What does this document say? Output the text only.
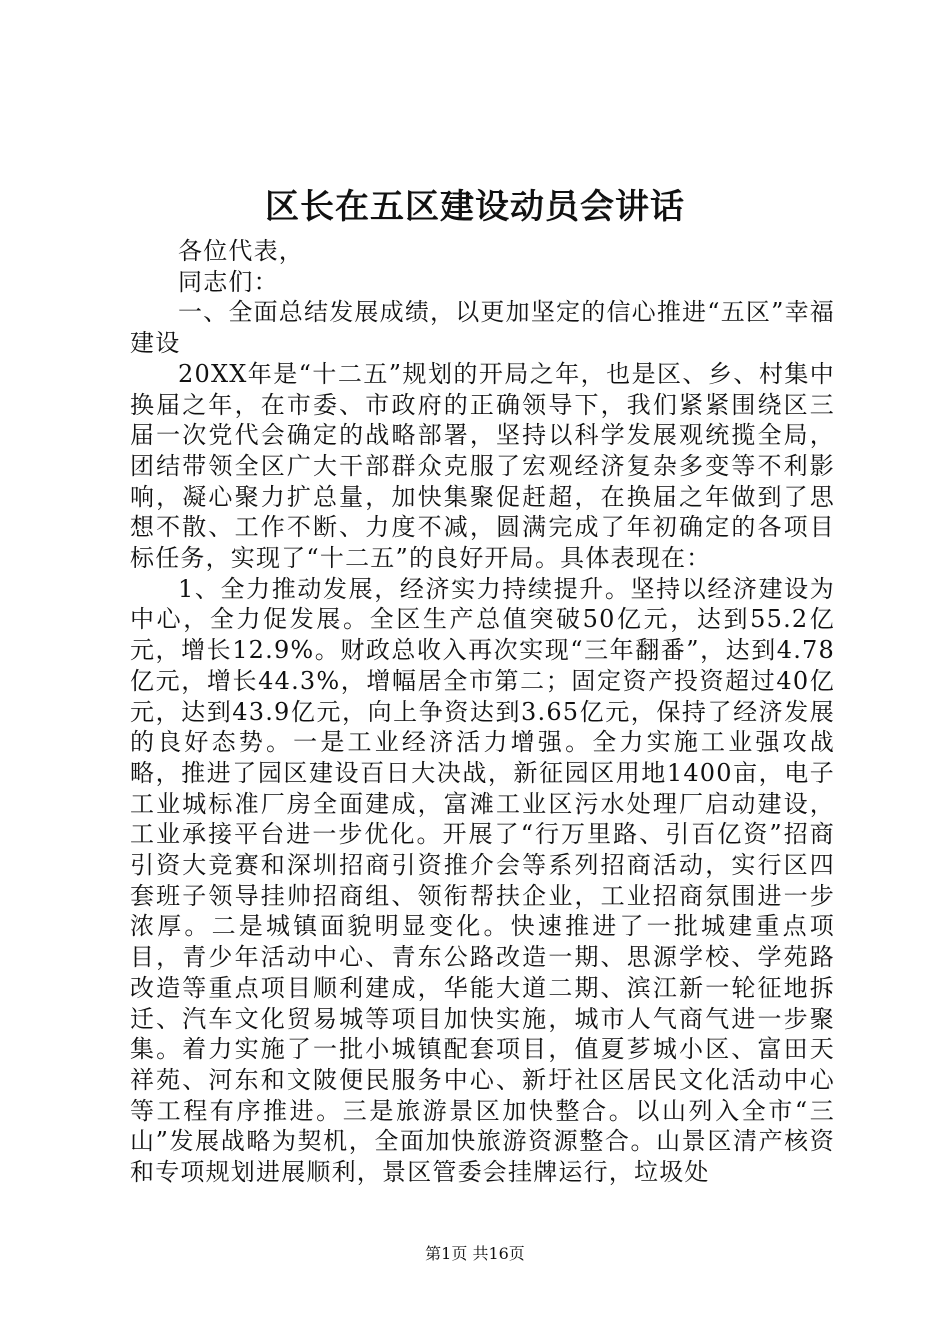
区长在五区建设动员会讲话

各位代表，

同志们：

一、全面总结发展成绩，以更加坚定的信心推进“五区”幸福建设

20XX年是“十二五”规划的开局之年，也是区、乡、村集中换届之年，在市委、市政府的正确领导下，我们紧紧围绕区三届一次党代会确定的战略部署，坚持以科学发展观统揽全局，团结带领全区广大干部群众克服了宏观经济复杂多变等不利影响，凝心聚力扩总量，加快集聚促赶超，在换届之年做到了思想不散、工作不断、力度不减，圆满完成了年初确定的各项目标任务，实现了“十二五”的良好开局。具体表现在：

1、全力推动发展，经济实力持续提升。坚持以经济建设为中心，全力促发展。全区生产总值突破50亿元，达到55.2亿元，增长12.9%。财政总收入再次实现“三年翻番”，达到4.78亿元，增长44.3%，增幅居全市第二；固定资产投资超过40亿元，达到43.9亿元，向上争资达到3.65亿元，保持了经济发展的良好态势。一是工业经济活力增强。全力实施工业强攻战略，推进了园区建设百日大决战，新征园区用地1400亩，电子工业城标准厂房全面建成，富滩工业区污水处理厂启动建设，工业承接平台进一步优化。开展了“行万里路、引百亿资”招商引资大竞赛和深圳招商引资推介会等系列招商活动，实行区四套班子领导挂帅招商组、领衔帮扶企业，工业招商氛围进一步浓厚。二是城镇面貌明显变化。快速推进了一批城建重点项目，青少年活动中心、青东公路改造一期、思源学校、学苑路改造等重点项目顺利建成，华能大道二期、滨江新一轮征地拆迁、汽车文化贸易城等项目加快实施，城市人气商气进一步聚集。着力实施了一批小城镇配套项目，值夏芗城小区、富田天祥苑、河东和文陂便民服务中心、新圩社区居民文化活动中心等工程有序推进。三是旅游景区加快整合。以山列入全市“三山”发展战略为契机，全面加快旅游资源整合。山景区清产核资和专项规划进展顺利，景区管委会挂牌运行，垃圾处

第1页 共16页
